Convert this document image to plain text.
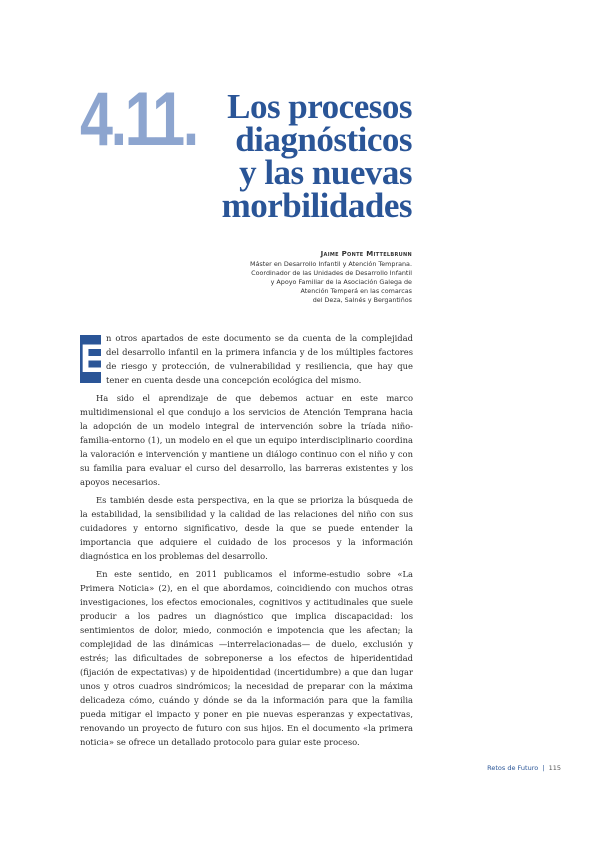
4.11. Los procesos
diagnósticos
y las nuevas
morbilidades
Jaime Ponte Mittelbrunn
Máster en Desarrollo Infantil y Atención Temprana.
Coordinador de las Unidades de Desarrollo Infantil
y Apoyo Familiar de la Asociación Galega de
Atención Temperá en las comarcas
del Deza, Salnés y Bergantiños

E n otros apartados de este documento se da cuenta de la complejidad del desarrollo infantil en la primera infancia y de los múltiples factores de riesgo y protección, de vulnerabilidad y resiliencia, que hay que tener en cuenta desde una concepción ecológica del mismo.

Ha sido el aprendizaje de que debemos actuar en este marco multidimensional el que condujo a los servicios de Atención Temprana hacia la adopción de un modelo integral de intervención sobre la tríada niño-familia-entorno (1), un modelo en el que un equipo interdisciplinario coordina la valoración e intervención y mantiene un diálogo continuo con el niño y con su familia para evaluar el curso del desarrollo, las barreras existentes y los apoyos necesarios.

Es también desde esta perspectiva, en la que se prioriza la búsqueda de la estabilidad, la sensibilidad y la calidad de las relaciones del niño con sus cuidadores y entorno significativo, desde la que se puede entender la importancia que adquiere el cuidado de los procesos y la información diagnóstica en los problemas del desarrollo.

En este sentido, en 2011 publicamos el informe-estudio sobre «La Primera Noticia» (2), en el que abordamos, coincidiendo con muchos otras investigaciones, los efectos emocionales, cognitivos y actitudinales que suele producir a los padres un diagnóstico que implica discapacidad: los sentimientos de dolor, miedo, conmoción e impotencia que les afectan; la complejidad de las dinámicas —interrelacionadas— de duelo, exclusión y estrés; las dificultades de sobreponerse a los efectos de hiperidentidad (fijación de expectativas) y de hipoidentidad (incertidumbre) a que dan lugar unos y otros cuadros sindrómicos; la necesidad de preparar con la máxima delicadeza cómo, cuándo y dónde se da la información para que la familia pueda mitigar el impacto y poner en pie nuevas esperanzas y expectativas, renovando un proyecto de futuro con sus hijos. En el documento «la primera noticia» se ofrece un detallado protocolo para guiar este proceso.

Retos de Futuro | 115
